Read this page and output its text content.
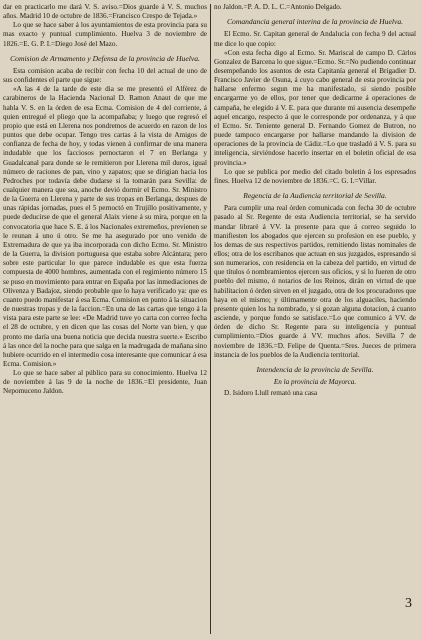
3

dar en practicarlo me dará V. S. aviso.=Dios guarde á V. S. muchos años. Madrid 10 de octubre de 1836.=Francisco Crespo de Tejada.»

Lo que se hace saber á los ayuntamientos de esta provincia para su mas exacto y puntual cumplimiento. Huelva 3 de noviembre de 1826.=E. G. P. I.=Diego José del Mazo.

Comision de Armamento y Defensa de la provincia de Huelva.

Esta comision acaba de recibir con fecha 10 del actual de uno de sus confidentes el parte que sigue:

«A las 4 de la tarde de este dia se me presentó el Alférez de carabineros de la Hacienda Nacional D. Ramon Anaut de que me habla V. S. en la órden de esa Ecma. Comision de 4 del corriente, á quien entregué el pliego que la acompañaba; y luego que regresó el propio que está en Llerena nos pondremos de acuerdo en razon de los puntos que debe ocupar. Tengo tres cartas á la vista de Amigos de confianza de fecha de hoy, y todas vienen á confirmar de una manera indudable que los facciosos pernoctaron el 7 en Berlanga y Guadalcanal para donde se le remitieron por Llerena mil duros, igual número de raciones de pan, vino y zapatos; que se dirigian hacia los Pedroches por todavía debe dudarse si la tomarán para Sevilla: de cualquier manera que sea, anoche devió dormir el Ecmo. Sr. Ministro de la Guerra en Llerena y parte de sus tropas en Berlanga, despues de unas rápidas jornadas, pues el 5 pernoctó en Trujillo positivamente, y puede deducirse de que el general Alaix viene á su mira, porque en la convocatoria que hace S. E. á los Nacionales extremeños, previenen se le reunan á uno ú otro. Se me ha asegurado por uno venido de Extremadura de que ya iba incorporada con dicho Ecmo. Sr. Ministro de la Guerra, la division portuguesa que estaba sobre Alcántara; pero sobre este particular lo que parece indudable es que esta fuerza compuesta de 4000 hombres, aumentada con el regimiento número 15 se puso en movimiento para entrar en España por las inmediaciones de Olivenza y Badajoz, siendo probable que lo haya verificado ya: que es cuanto puedo manifestar á esa Ecma. Comision en punto á la situacion de nuestras tropas y de la faccion.=En una de las cartas que tengo á la vista para este parte se lee: «De Madrid tuve yo carta con correo fecha el 28 de octubre, y en dicen que las cosas del Norte van bien, y que pronto me daría una buena noticia que decida nuestra suerte.» Escribo á las once del la noche para que salga en la madrugada de mañana sino hubiere ocurrido en el intermedio cosa interesante que comunicar á esa Ecma. Comision.»

Lo que se hace saber al público para su conocimiento. Huelva 12 de noviembre á las 9 de la noche de 1836.=El presidente, Juan Nepomuceno Jaldon.

no Jaldon.=P. A. D. L. C.=Antonio Delgado.

Comandancia general interina de la provincia de Huelva.

El Ecmo. Sr. Capitan general de Andalucía con fecha 9 del actual me dice lo que copio:

«Con esta fecha digo al Ecmo. Sr. Mariscal de campo D. Cárlos Gonzalez de Barcena lo que sigue.=Ecmo. Sr.=No pudiendo continuar desempeñando los asuntos de esta Capitanía general el Brigadier D. Francisco Javier de Osuna, á cuyo cabo general de esta provincia por hallarse enfermo segun me ha manifestado, si siendo posible encargarme yo de ellos, por tener que dedicarme á operaciones de campaña, he elegido á V. E. para que durante mi ausencia desempeñe aquel encargo, respecto á que le corresponde por ordenanza, y á que el Ecmo. Sr. Teniente general D. Fernando Gomez de Butron, no puede tampoco encargarse por hallarse mandando la division de operaciones de la provincia de Cádiz.=Lo que trasladó á V. S. para su inteligencia, sirviéndose hacerlo insertar en el boletin oficial de esa provincia.»

Lo que se publica por medio del citado boletin á los espresados fines. Huelva 12 de noviembre de 1836.=C. G. I.=Villar.

Regencia de la Audiencia territorial de Sevilla.

Para cumplir una real órden comunicada con fecha 30 de octubre pasado al Sr. Regente de esta Audiencia territorial, se ha servido mandar libraré á VV. la presente para que á correo seguido lo manifiesten los abogados que ejercen su profesion en ese pueblo, y los demas de sus respectivos partidos, remitiendo listas nominales de ellos; otra de los escribanos que actuan en sus juzgados, espresando si son numerarios, con residencia en la cabeza del partido, en virtud de que títulos ó nombramientos ejercen sus oficios, y si lo fueren de otro pueblo del mismo, ó notarios de los Reinos, dirán en virtud de que habilitacion ó órden sirven en el juzgado, otra de los procuradores que haya en el mismo; y últimamente otra de los alguaciles, haciendo presente quien los ha nombrado, y si gozan alguna dotacion, á cuanto asciende, y porque fondo se satisface.=Lo que comunico á VV. de órden de dicho Sr. Regente para su inteligencia y puntual cumplimiento.=Dios guarde á VV. muchos años. Sevilla 7 de noviembre de 1836.=D. Felipe de Quenta.=Sres. Jueces de primera instancia de los pueblos de la Audiencia territorial.

Intendencia de la provincia de Sevilla.

En la provincia de Mayorca.

D. Isidoro Llull remató una casa
